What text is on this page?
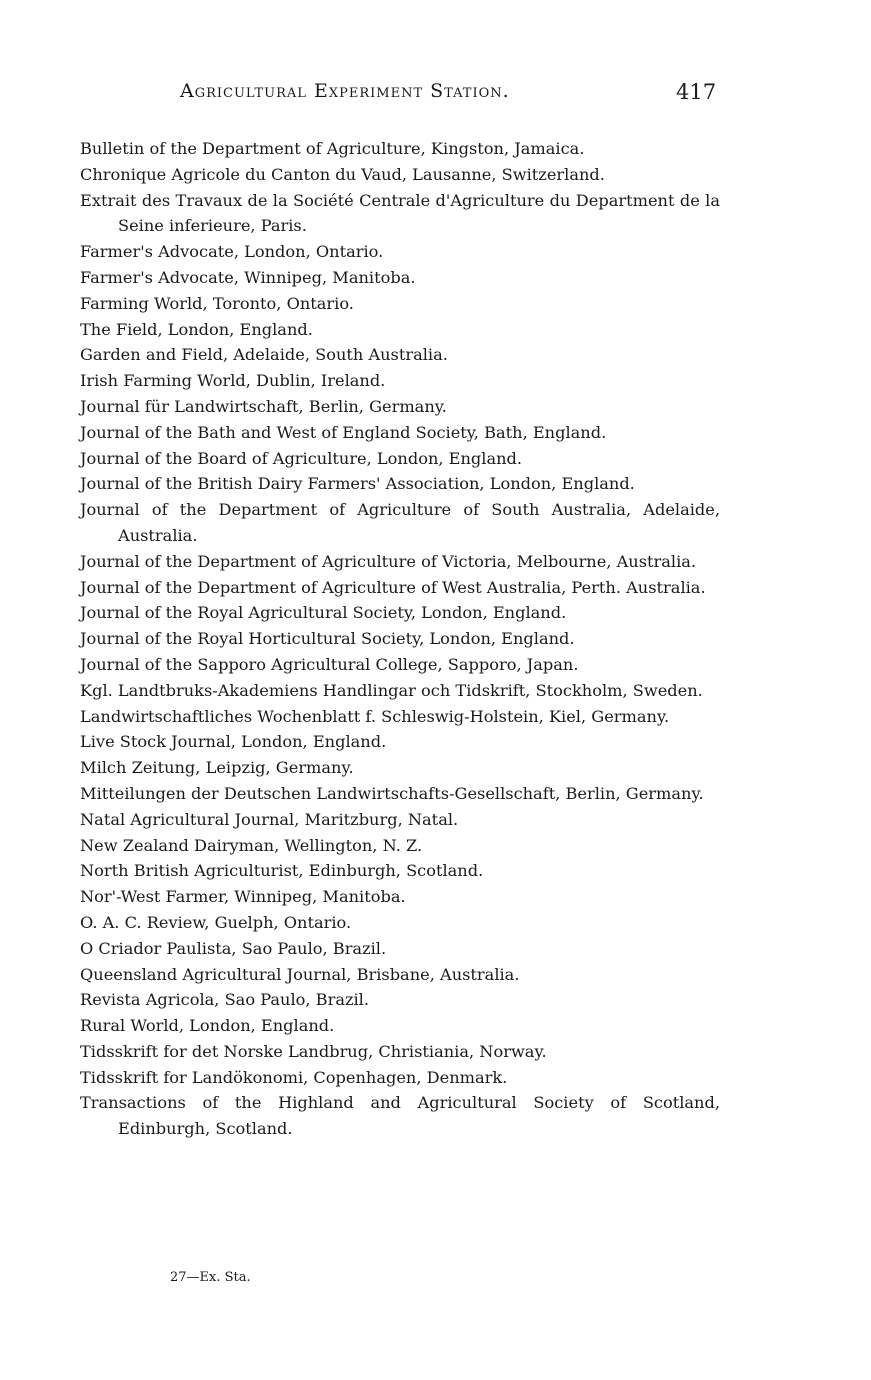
Agricultural Experiment Station.	417
Bulletin of the Department of Agriculture, Kingston, Jamaica.
Chronique Agricole du Canton du Vaud, Lausanne, Switzerland.
Extrait des Travaux de la Société Centrale d'Agriculture du Department de la Seine inferieure, Paris.
Farmer's Advocate, London, Ontario.
Farmer's Advocate, Winnipeg, Manitoba.
Farming World, Toronto, Ontario.
The Field, London, England.
Garden and Field, Adelaide, South Australia.
Irish Farming World, Dublin, Ireland.
Journal für Landwirtschaft, Berlin, Germany.
Journal of the Bath and West of England Society, Bath, England.
Journal of the Board of Agriculture, London, England.
Journal of the British Dairy Farmers' Association, London, England.
Journal of the Department of Agriculture of South Australia, Adelaide, Australia.
Journal of the Department of Agriculture of Victoria, Melbourne, Australia.
Journal of the Department of Agriculture of West Australia, Perth. Australia.
Journal of the Royal Agricultural Society, London, England.
Journal of the Royal Horticultural Society, London, England.
Journal of the Sapporo Agricultural College, Sapporo, Japan.
Kgl. Landtbruks-Akademiens Handlingar och Tidskrift, Stockholm, Sweden.
Landwirtschaftliches Wochenblatt f. Schleswig-Holstein, Kiel, Germany.
Live Stock Journal, London, England.
Milch Zeitung, Leipzig, Germany.
Mitteilungen der Deutschen Landwirtschafts-Gesellschaft, Berlin, Germany.
Natal Agricultural Journal, Maritzburg, Natal.
New Zealand Dairyman, Wellington, N. Z.
North British Agriculturist, Edinburgh, Scotland.
Nor'-West Farmer, Winnipeg, Manitoba.
O. A. C. Review, Guelph, Ontario.
O Criador Paulista, Sao Paulo, Brazil.
Queensland Agricultural Journal, Brisbane, Australia.
Revista Agricola, Sao Paulo, Brazil.
Rural World, London, England.
Tidsskrift for det Norske Landbrug, Christiania, Norway.
Tidsskrift for Landökonomi, Copenhagen, Denmark.
Transactions of the Highland and Agricultural Society of Scotland, Edinburgh, Scotland.
27—Ex. Sta.
